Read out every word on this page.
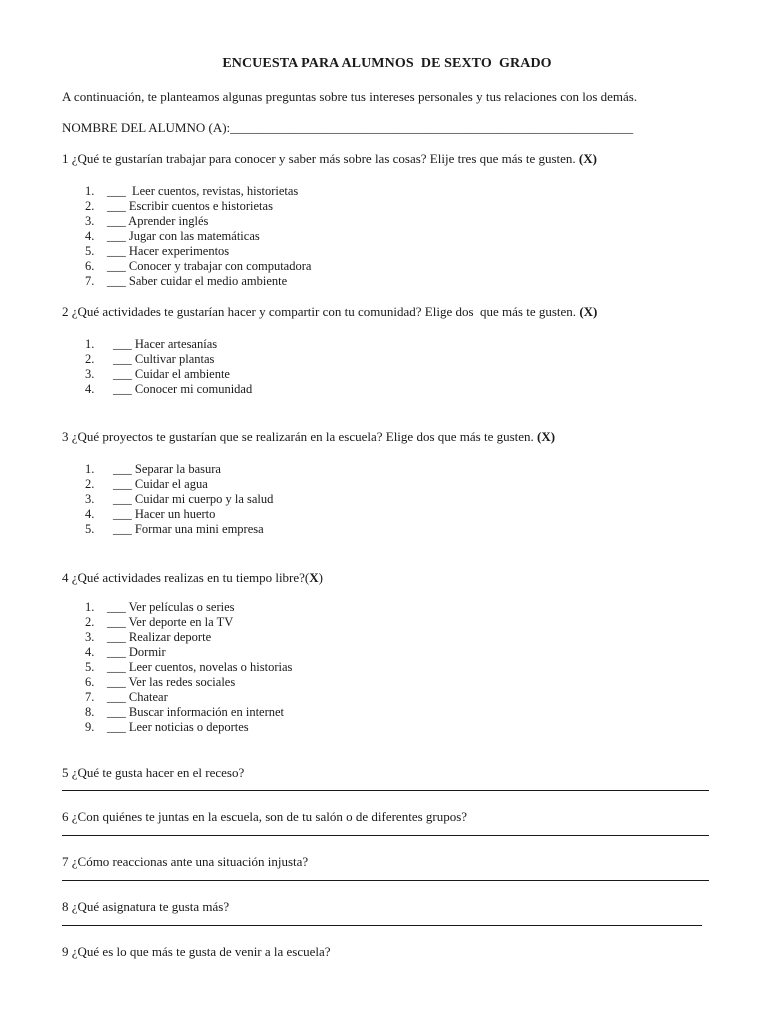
ENCUESTA PARA ALUMNOS  DE SEXTO  GRADO
A continuación, te planteamos algunas preguntas sobre tus intereses personales y tus relaciones con los demás.
NOMBRE DEL ALUMNO (A):______________________________________________________________
1 ¿Qué te gustarían trabajar para conocer y saber más sobre las cosas? Elije tres que más te gusten. (X)
1. ___  Leer cuentos, revistas, historietas
2. ___ Escribir cuentos e historietas
3. ___ Aprender inglés
4. ___ Jugar con las matemáticas
5. ___ Hacer experimentos
6. ___ Conocer y trabajar con computadora
7. ___ Saber cuidar el medio ambiente
2 ¿Qué actividades te gustarían hacer y compartir con tu comunidad? Elige dos  que más te gusten. (X)
1. ___ Hacer artesanías
2. ___ Cultivar plantas
3. ___ Cuidar el ambiente
4. ___ Conocer mi comunidad
3 ¿Qué proyectos te gustarían que se realizarán en la escuela? Elige dos que más te gusten. (X)
1. ___ Separar la basura
2. ___ Cuidar el agua
3. ___ Cuidar mi cuerpo y la salud
4. ___ Hacer un huerto
5. ___ Formar una mini empresa
4 ¿Qué actividades realizas en tu tiempo libre?(X)
1. ___ Ver películas o series
2. ___ Ver deporte en la TV
3. ___ Realizar deporte
4. ___ Dormir
5. ___ Leer cuentos, novelas o historias
6. ___ Ver las redes sociales
7. ___ Chatear
8. ___ Buscar información en internet
9. ___ Leer noticias o deportes
5 ¿Qué te gusta hacer en el receso?
6 ¿Con quiénes te juntas en la escuela, son de tu salón o de diferentes grupos?
7 ¿Cómo reaccionas ante una situación injusta?
8 ¿Qué asignatura te gusta más?
9 ¿Qué es lo que más te gusta de venir a la escuela?
